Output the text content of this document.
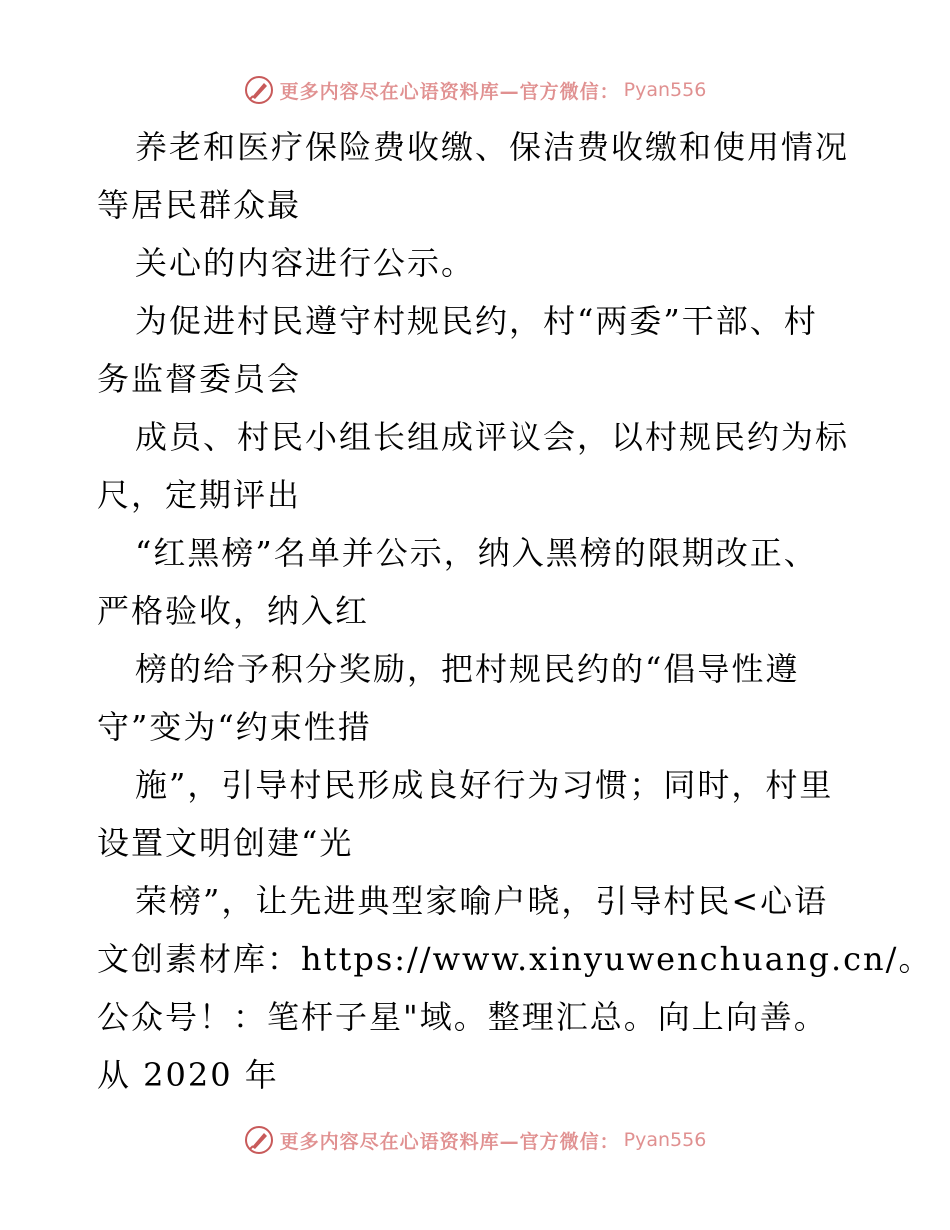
更多内容尽在心语资料库—官方微信： Pyan556
养老和医疗保险费收缴、保洁费收缴和使用情况
等居民群众最
关心的内容进行公示。
为促进村民遵守村规民约，村“两委”干部、村
务监督委员会
成员、村民小组长组成评议会，以村规民约为标
尺，定期评出
“红黑榜”名单并公示，纳入黑榜的限期改正、
严格验收，纳入红
榜的给予积分奖励，把村规民约的“倡导性遵
守”变为“约束性措
施”，引导村民形成良好行为习惯；同时，村里
设置文明创建“光
荣榜”，让先进典型家喻户晓，引导村民<心语
文创素材库：https://www.xinyuwenchuang.cn/。
公众号！：笔杆子星"域。整理汇总。向上向善。
从 2020 年
更多内容尽在心语资料库—官方微信： Pyan556
